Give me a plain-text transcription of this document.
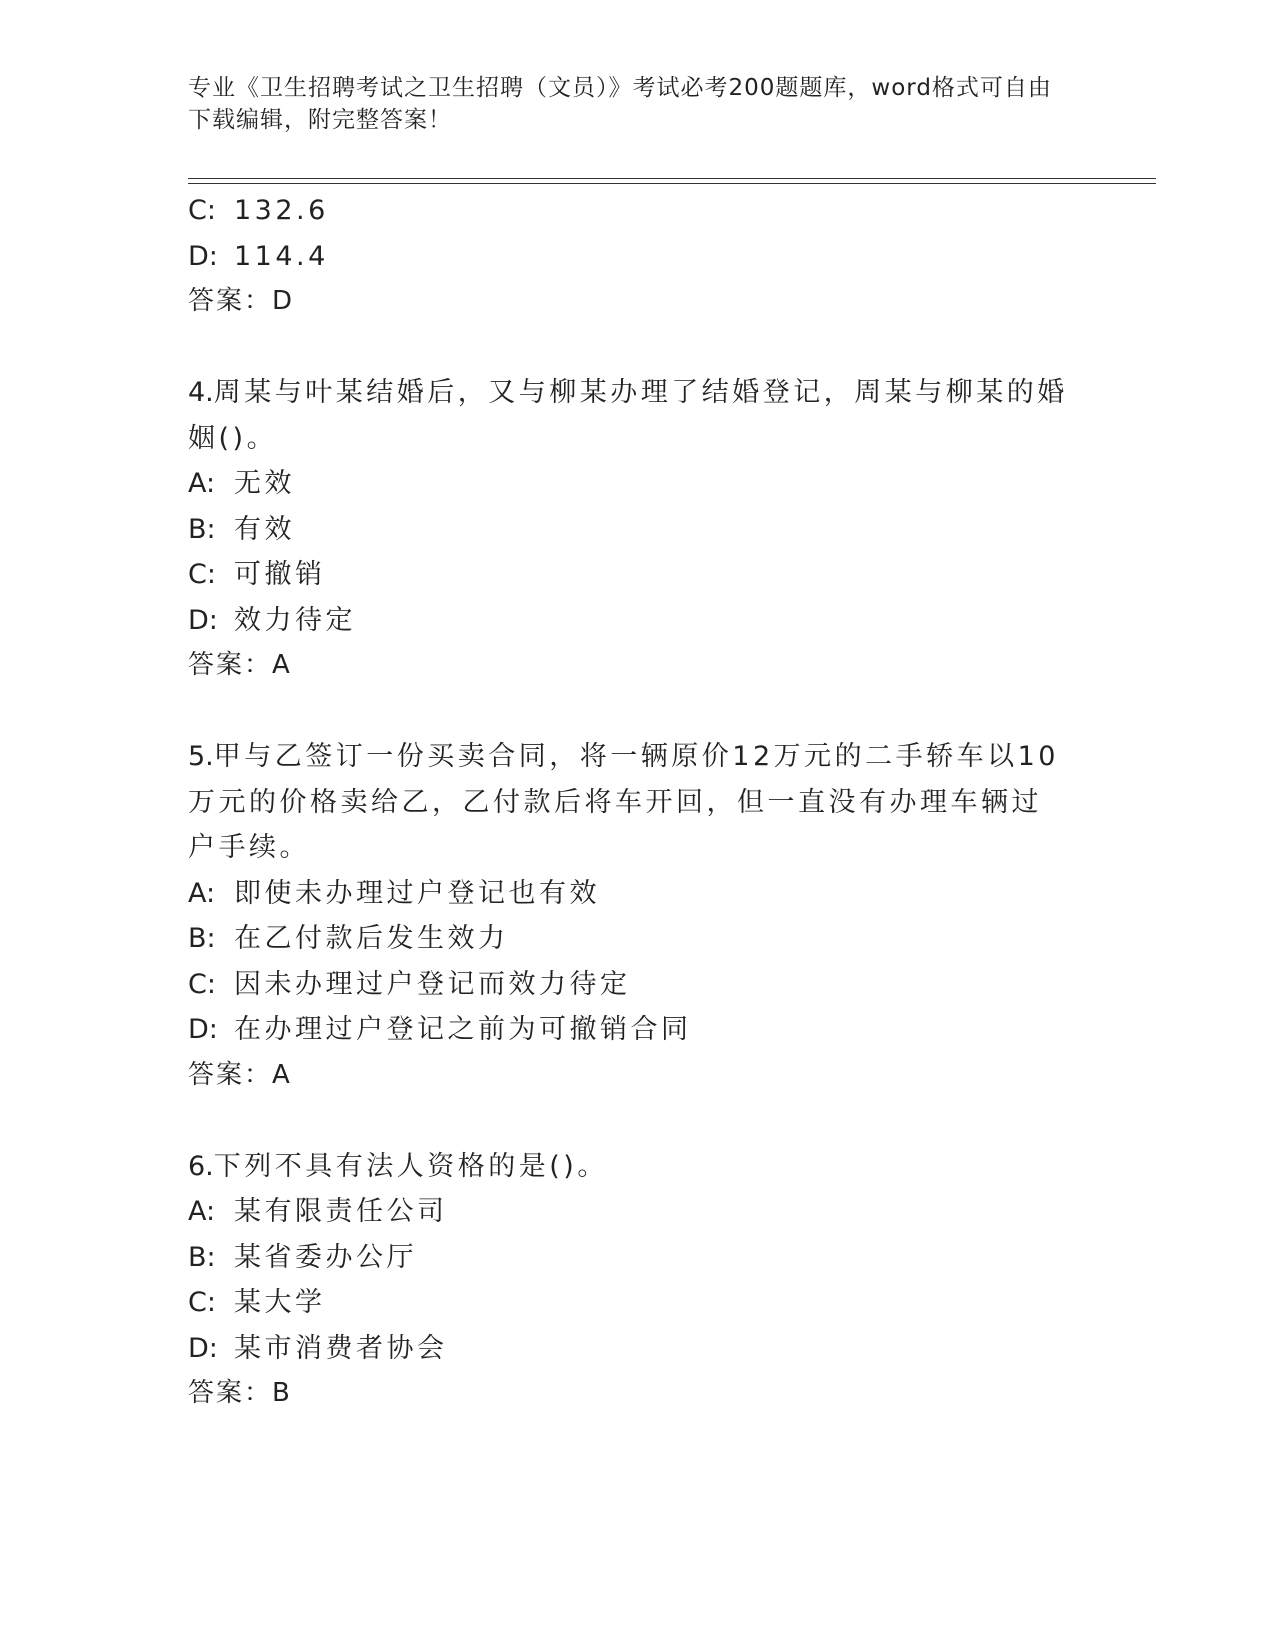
专业《卫生招聘考试之卫生招聘（文员）》考试必考200题题库，word格式可自由下载编辑，附完整答案！
C: 132.6
D: 114.4
答案：D
4.周某与叶某结婚后，又与柳某办理了结婚登记，周某与柳某的婚姻()。
A: 无效
B: 有效
C: 可撤销
D: 效力待定
答案：A
5.甲与乙签订一份买卖合同，将一辆原价12万元的二手轿车以10万元的价格卖给乙，乙付款后将车开回，但一直没有办理车辆过户手续。
A: 即使未办理过户登记也有效
B: 在乙付款后发生效力
C: 因未办理过户登记而效力待定
D: 在办理过户登记之前为可撤销合同
答案：A
6.下列不具有法人资格的是()。
A: 某有限责任公司
B: 某省委办公厅
C: 某大学
D: 某市消费者协会
答案：B
